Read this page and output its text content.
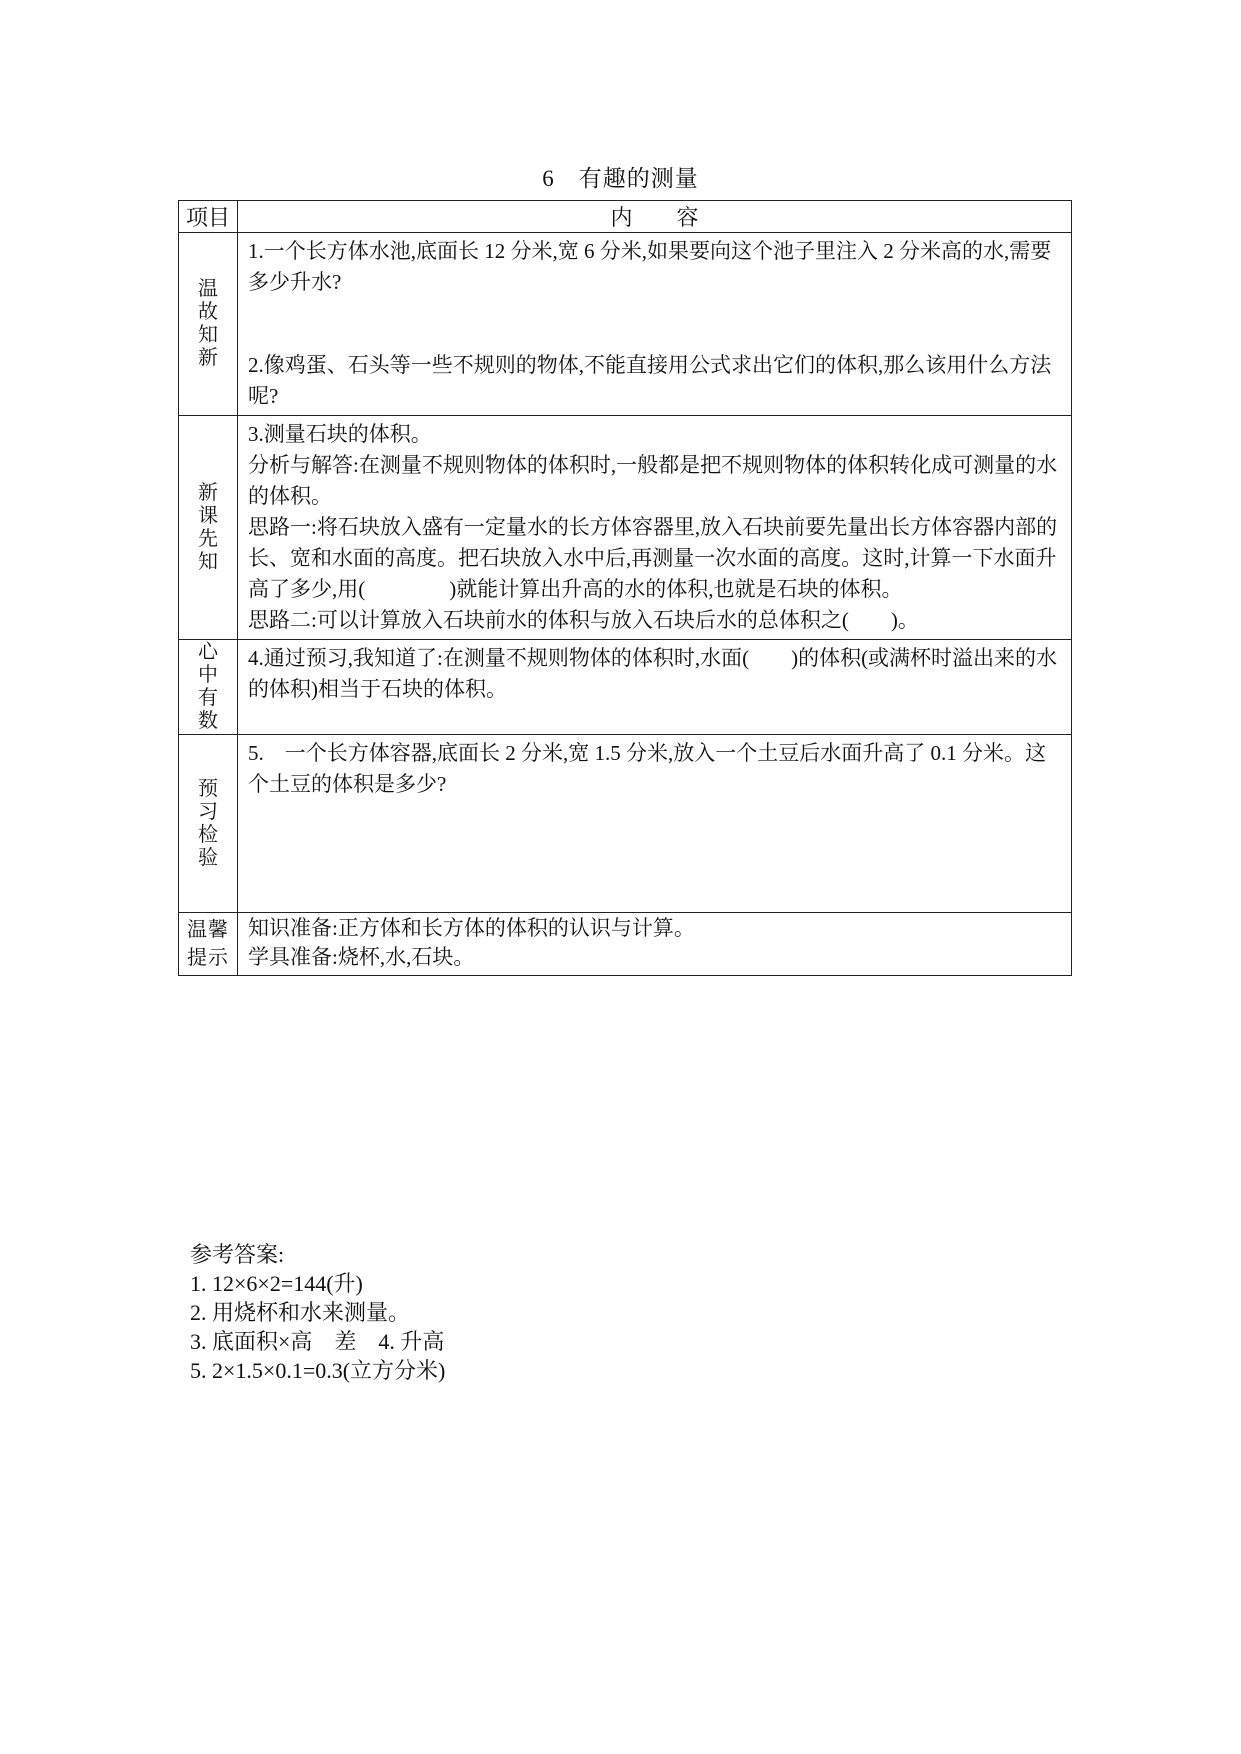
6　有趣的测量
项目	内　　容
温故知新	1.一个长方体水池,底面长 12 分米,宽 6 分米,如果要向这个池子里注入 2 分米高的水,需要多少升水?

2.像鸡蛋、石头等一些不规则的物体,不能直接用公式求出它们的体积,那么该用什么方法呢?

新课先知	3.测量石块的体积。

分析与解答:在测量不规则物体的体积时,一般都是把不规则物体的体积转化成可测量的水的体积。

思路一:将石块放入盛有一定量水的长方体容器里,放入石块前要先量出长方体容器内部的长、宽和水面的高度。把石块放入水中后,再测量一次水面的高度。这时,计算一下水面升高了多少,用(　　　　)就能计算出升高的水的体积,也就是石块的体积。

思路二:可以计算放入石块前水的体积与放入石块后水的总体积之(　　)。

心中有数	4.通过预习,我知道了:在测量不规则物体的体积时,水面(　　)的体积(或满杯时溢出来的水的体积)相当于石块的体积。

预习检验	5.　一个长方体容器,底面长 2 分米,宽 1.5 分米,放入一个土豆后水面升高了 0.1 分米。这个土豆的体积是多少?

温馨提示	知识准备:正方体和长方体的体积的认识与计算。

学具准备:烧杯,水,石块。

参考答案:

1. 12×6×2=144(升)

2. 用烧杯和水来测量。

3. 底面积×高　差　4. 升高

5. 2×1.5×0.1=0.3(立方分米)
